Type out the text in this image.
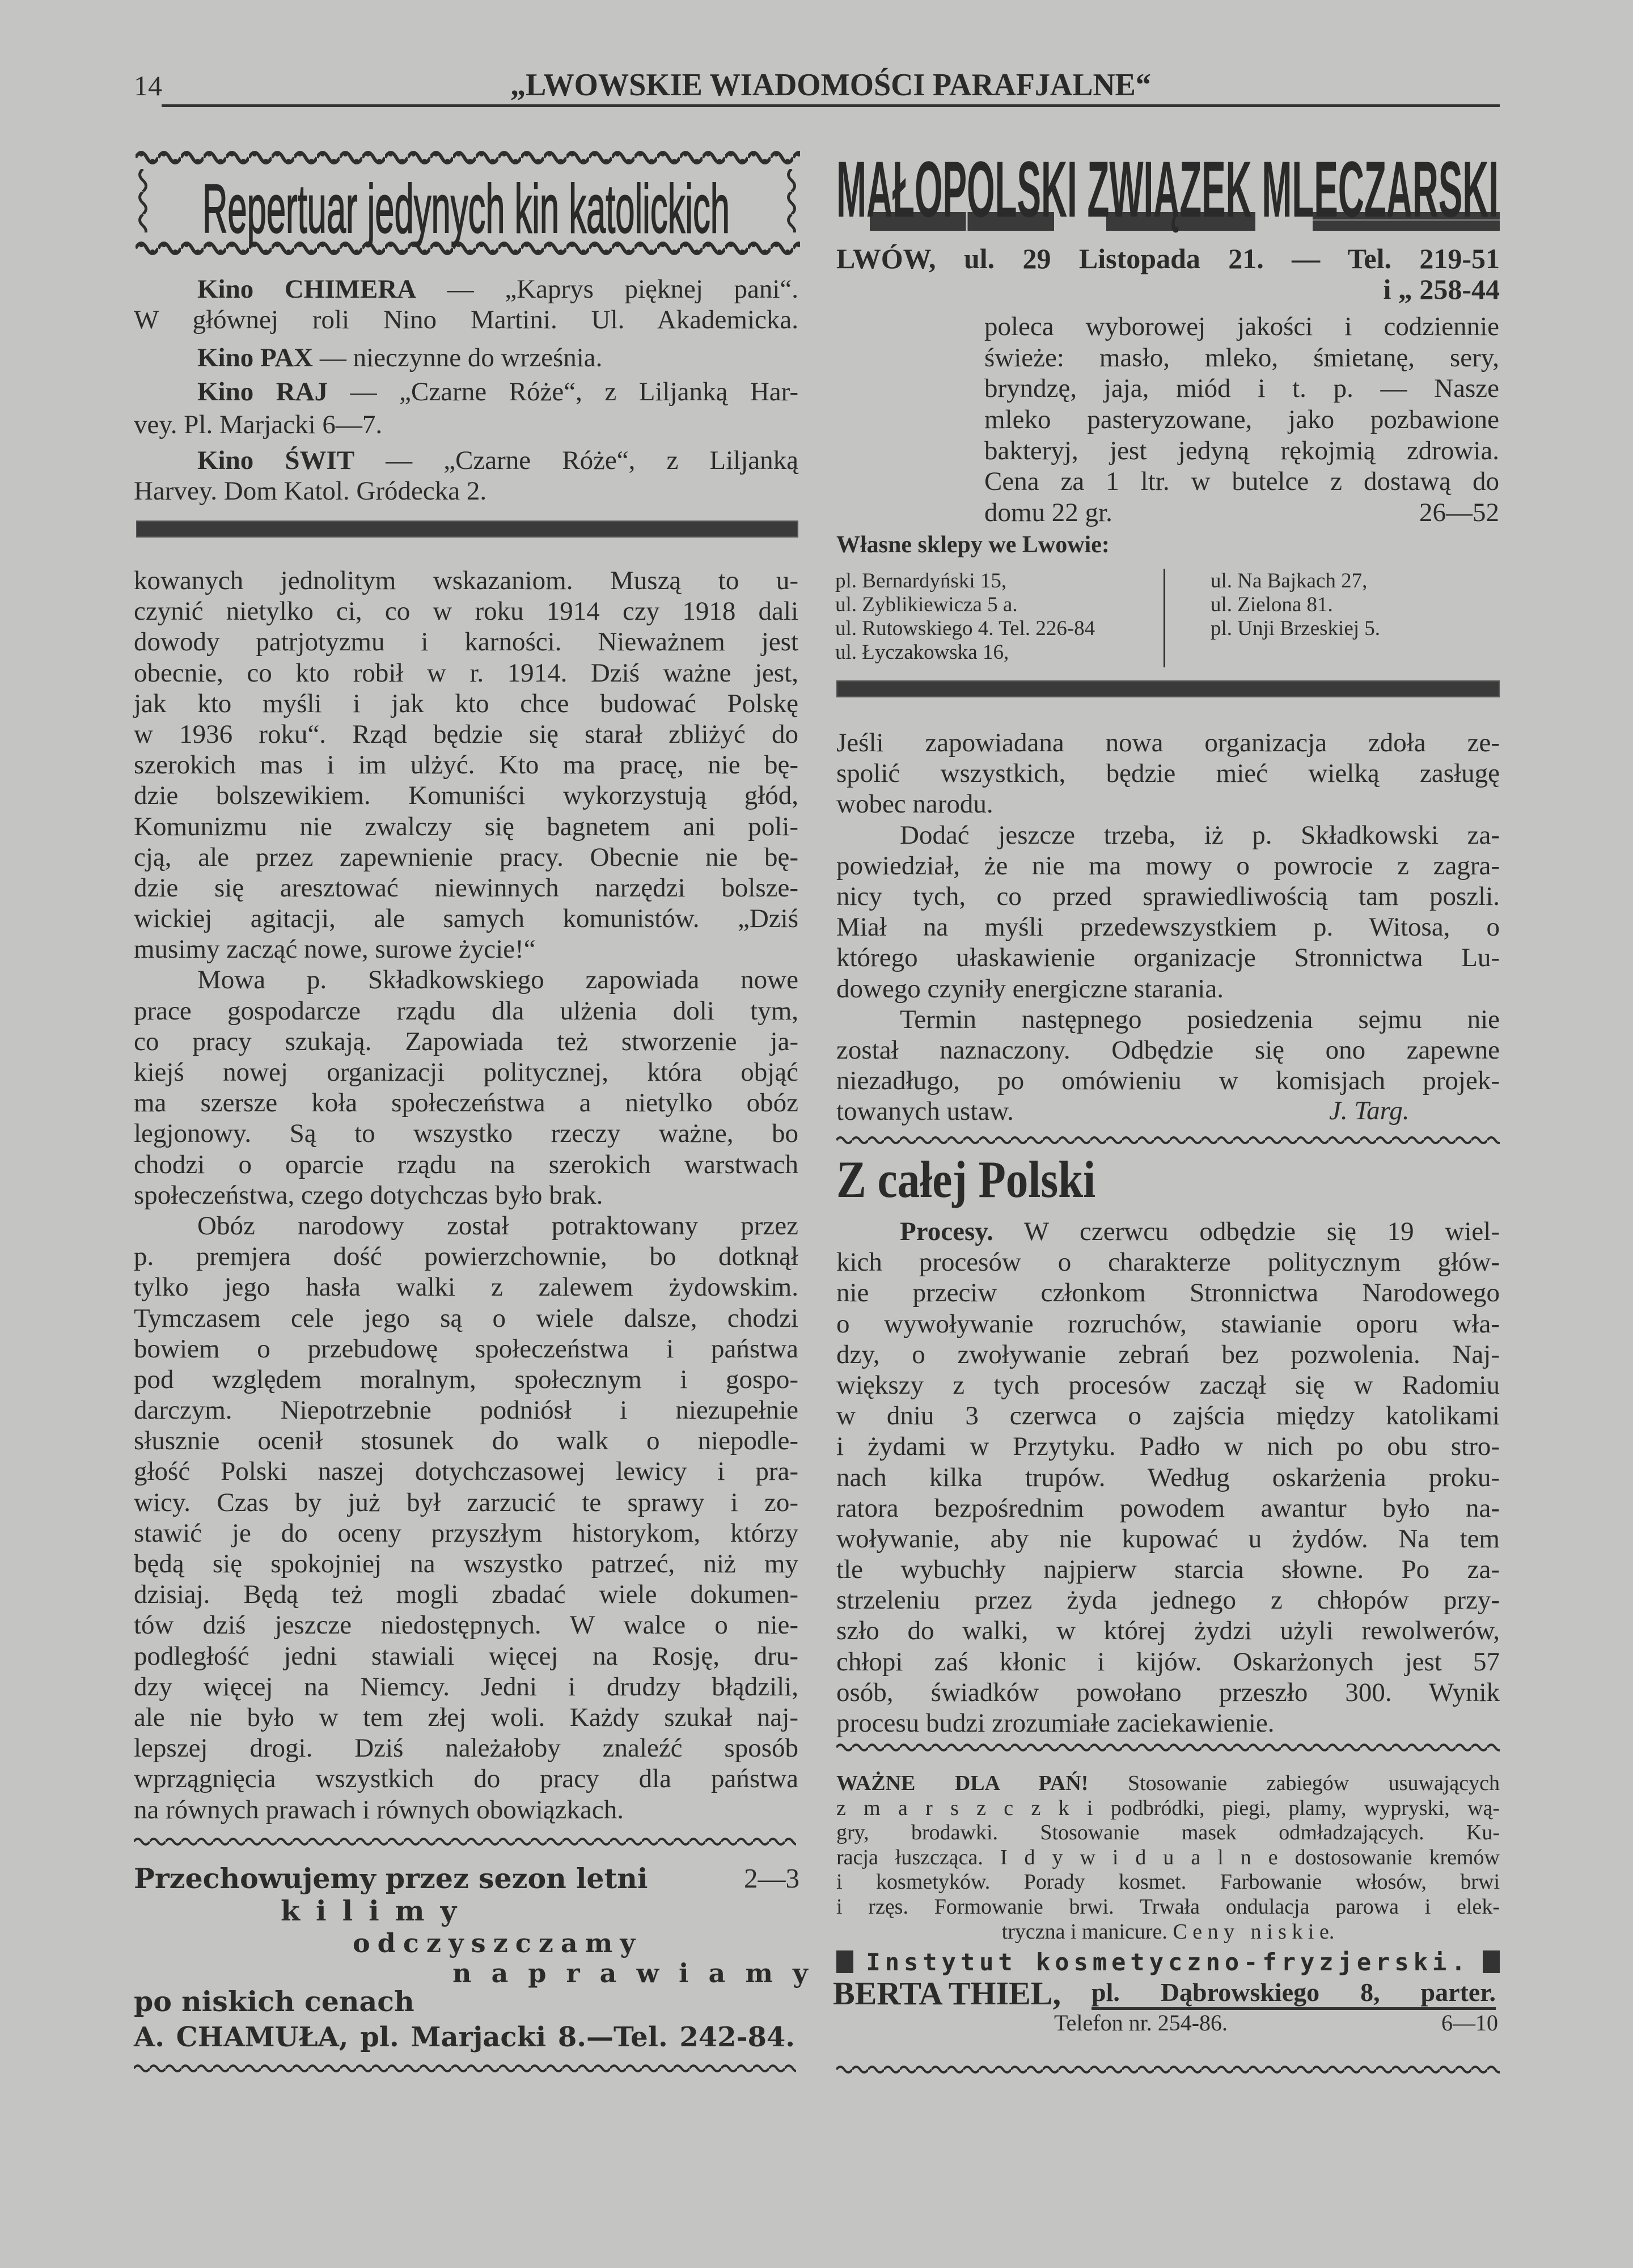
14	„LWOWSKIE WIADOMOŚCI PARAFJALNE“
Repertuar jedynych kin katolickich
Kino CHIMERA — „Kaprys pięknej pani“.
W głównej roli Nino Martini. Ul. Akademicka.
Kino PAX — nieczynne do września.
Kino RAJ — „Czarne Róże“, z Liljanką Har-
vey. Pl. Marjacki 6—7.
Kino ŚWIT — „Czarne Róże“, z Liljanką
Harvey. Dom Katol. Gródecka 2.
kowanych jednolitym wskazaniom. Muszą to u-
czynić nietylko ci, co w roku 1914 czy 1918 dali
dowody patrjotyzmu i karności. Nieważnem jest
obecnie, co kto robił w r. 1914. Dziś ważne jest,
jak kto myśli i jak kto chce budować Polskę
w 1936 roku“. Rząd będzie się starał zbliżyć do
szerokich mas i im ulżyć. Kto ma pracę, nie bę-
dzie bolszewikiem. Komuniści wykorzystują głód,
Komunizmu nie zwalczy się bagnetem ani poli-
cją, ale przez zapewnienie pracy. Obecnie nie bę-
dzie się aresztować niewinnych narzędzi bolsze-
wickiej agitacji, ale samych komunistów. „Dziś
musimy zacząć nowe, surowe życie!“
Mowa p. Składkowskiego zapowiada nowe
prace gospodarcze rządu dla ulżenia doli tym,
co pracy szukają. Zapowiada też stworzenie ja-
kiejś nowej organizacji politycznej, która objąć
ma szersze koła społeczeństwa a nietylko obóz
legjonowy. Są to wszystko rzeczy ważne, bo
chodzi o oparcie rządu na szerokich warstwach
społeczeństwa, czego dotychczas było brak.
Obóz narodowy został potraktowany przez
p. premjera dość powierzchownie, bo dotknął
tylko jego hasła walki z zalewem żydowskim.
Tymczasem cele jego są o wiele dalsze, chodzi
bowiem o przebudowę społeczeństwa i państwa
pod względem moralnym, społecznym i gospo-
darczym. Niepotrzebnie podniósł i niezupełnie
słusznie ocenił stosunek do walk o niepodle-
głość Polski naszej dotychczasowej lewicy i pra-
wicy. Czas by już był zarzucić te sprawy i zo-
stawić je do oceny przyszłym historykom, którzy
będą się spokojniej na wszystko patrzeć, niż my
dzisiaj. Będą też mogli zbadać wiele dokumen-
tów dziś jeszcze niedostępnych. W walce o nie-
podległość jedni stawiali więcej na Rosję, dru-
dzy więcej na Niemcy. Jedni i drudzy błądzili,
ale nie było w tem złej woli. Każdy szukał naj-
lepszej drogi. Dziś należałoby znaleźć sposób
wprzągnięcia wszystkich do pracy dla państwa
na równych prawach i równych obowiązkach.
Przechowujemy przez sezon letni	2—3
kilimy
odczyszczamy
naprawiamy
po niskich cenach
A. CHAMUŁA, pl. Marjacki 8.—Tel. 242-84.
MAŁOPOLSKI ZWIĄZEK MLECZARSKI
LWÓW, ul. 29 Listopada 21. — Tel. 219-51
i „ 258-44
poleca wyborowej jakości i codziennie
świeże: masło, mleko, śmietanę, sery,
bryndzę, jaja, miód i t. p. — Nasze
mleko pasteryzowane, jako pozbawione
bakteryj, jest jedyną rękojmią zdrowia.
Cena za 1 ltr. w butelce z dostawą do
domu 22 gr.	26—52
Własne sklepy we Lwowie:
pl. Bernardyński 15,
ul. Zyblikiewicza 5 a.
ul. Rutowskiego 4. Tel. 226-84
ul. Łyczakowska 16,
ul. Na Bajkach 27,
ul. Zielona 81.
pl. Unji Brzeskiej 5.
Jeśli zapowiadana nowa organizacja zdoła ze-
spolić wszystkich, będzie mieć wielką zasługę
wobec narodu.
Dodać jeszcze trzeba, iż p. Składkowski za-
powiedział, że nie ma mowy o powrocie z zagra-
nicy tych, co przed sprawiedliwością tam poszli.
Miał na myśli przedewszystkiem p. Witosa, o
którego ułaskawienie organizacje Stronnictwa Lu-
dowego czyniły energiczne starania.
Termin następnego posiedzenia sejmu nie
został naznaczony. Odbędzie się ono zapewne
niezadługo, po omówieniu w komisjach projek-
towanych ustaw.	J. Targ.
Z całej Polski
Procesy. W czerwcu odbędzie się 19 wiel-
kich procesów o charakterze politycznym głów-
nie przeciw członkom Stronnictwa Narodowego
o wywoływanie rozruchów, stawianie oporu wła-
dzy, o zwoływanie zebrań bez pozwolenia. Naj-
większy z tych procesów zaczął się w Radomiu
w dniu 3 czerwca o zajścia między katolikami
i żydami w Przytyku. Padło w nich po obu stro-
nach kilka trupów. Według oskarżenia proku-
ratora bezpośrednim powodem awantur było na-
woływanie, aby nie kupować u żydów. Na tem
tle wybuchły najpierw starcia słowne. Po za-
strzeleniu przez żyda jednego z chłopów przy-
szło do walki, w której żydzi użyli rewolwerów,
chłopi zaś kłonic i kijów. Oskarżonych jest 57
osób, świadków powołano przeszło 300. Wynik
procesu budzi zrozumiałe zaciekawienie.
WAŻNE DLA PAŃ! Stosowanie zabiegów usuwających
z m a r s z c z k i podbródki, piegi, plamy, wypryski, wą-
gry, brodawki. Stosowanie masek odmładzających. Ku-
racja łuszcząca. I d y w i d u a l n e dostosowanie kremów
i kosmetyków. Porady kosmet. Farbowanie włosów, brwi
i rzęs. Formowanie brwi. Trwała ondulacja parowa i elek-
tryczna i manicure. C e n y   n i s k i e.
Instytut kosmetyczno-fryzjerski.
BERTA THIEL, pl. Dąbrowskiego 8, parter.
Telefon nr. 254-86.	6—10
